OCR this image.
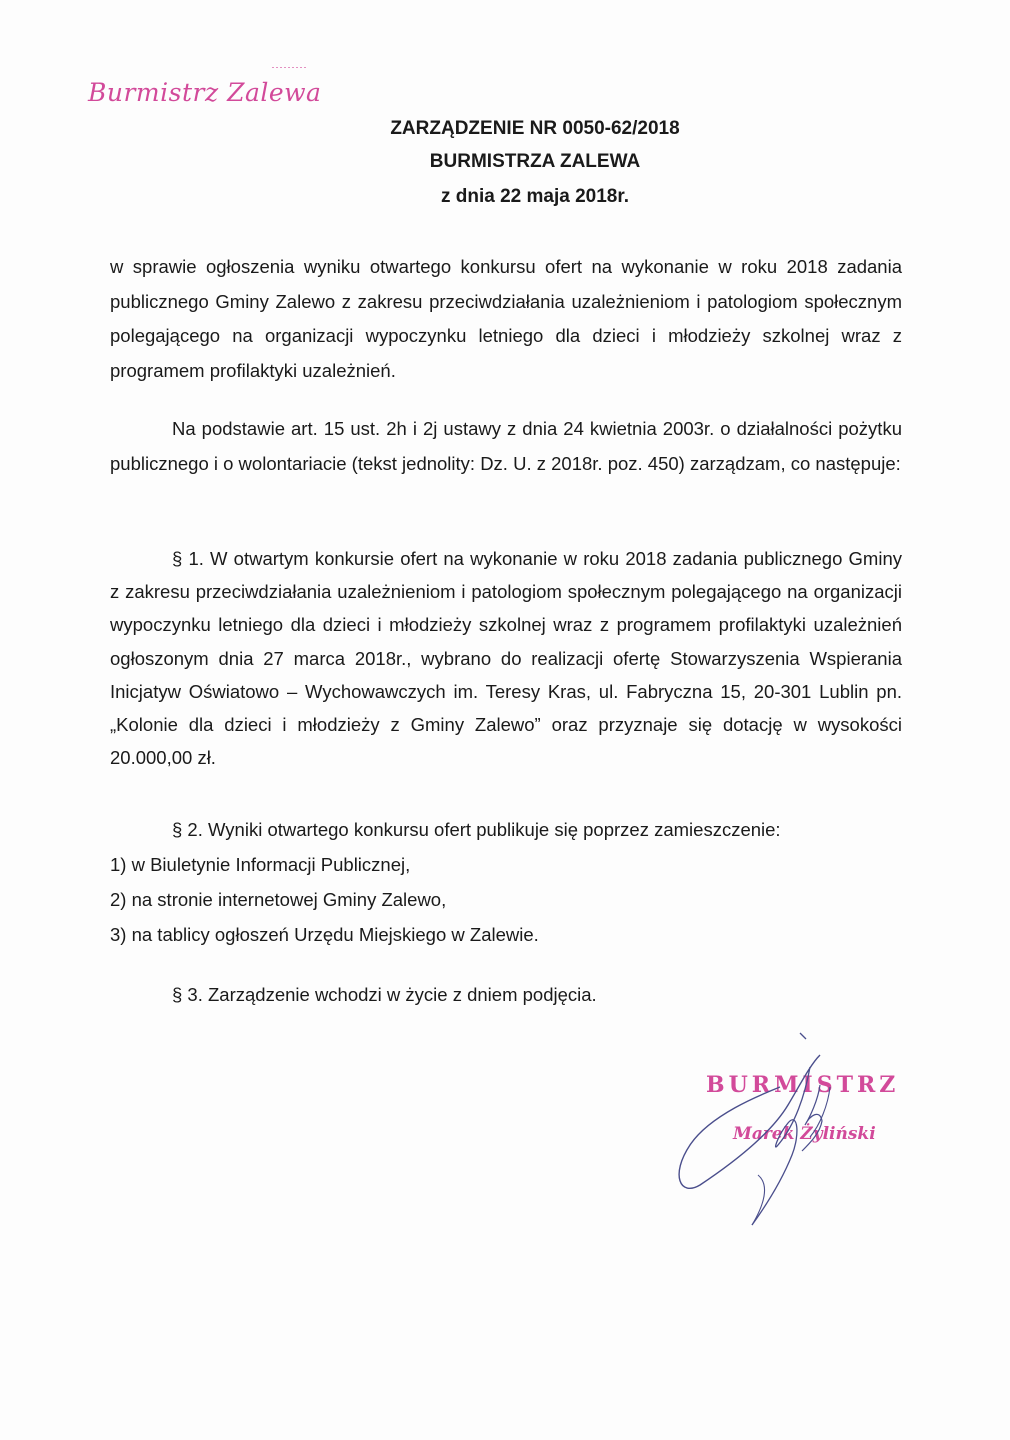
Burmistrz Zalewa
ZARZĄDZENIE NR 0050-62/2018
BURMISTRZA ZALEWA
z dnia 22 maja 2018r.
w sprawie ogłoszenia wyniku otwartego konkursu ofert na wykonanie w roku 2018 zadania publicznego Gminy Zalewo z zakresu przeciwdziałania uzależnieniom i patologiom społecznym polegającego na organizacji wypoczynku letniego dla dzieci i młodzieży szkolnej wraz z programem profilaktyki uzależnień.
Na podstawie art. 15 ust. 2h i 2j ustawy z dnia 24 kwietnia 2003r. o działalności pożytku publicznego i o wolontariacie (tekst jednolity: Dz. U. z 2018r. poz. 450) zarządzam, co następuje:
§ 1. W otwartym konkursie ofert na wykonanie w roku 2018 zadania publicznego Gminy z zakresu przeciwdziałania uzależnieniom i patologiom społecznym polegającego na organizacji wypoczynku letniego dla dzieci i młodzieży szkolnej wraz z programem profilaktyki uzależnień ogłoszonym dnia 27 marca 2018r., wybrano do realizacji ofertę Stowarzyszenia Wspierania Inicjatyw Oświatowo – Wychowawczych im. Teresy Kras, ul. Fabryczna 15, 20-301 Lublin pn. „Kolonie dla dzieci i młodzieży z Gminy Zalewo” oraz przyznaje się dotację w wysokości 20.000,00 zł.
§ 2. Wyniki otwartego konkursu ofert publikuje się poprzez zamieszczenie:
1) w Biuletynie Informacji Publicznej,
2) na stronie internetowej Gminy Zalewo,
3) na tablicy ogłoszeń Urzędu Miejskiego w Zalewie.
§ 3. Zarządzenie wchodzi w życie z dniem podjęcia.
BURMISTRZ
Marek Żyliński
